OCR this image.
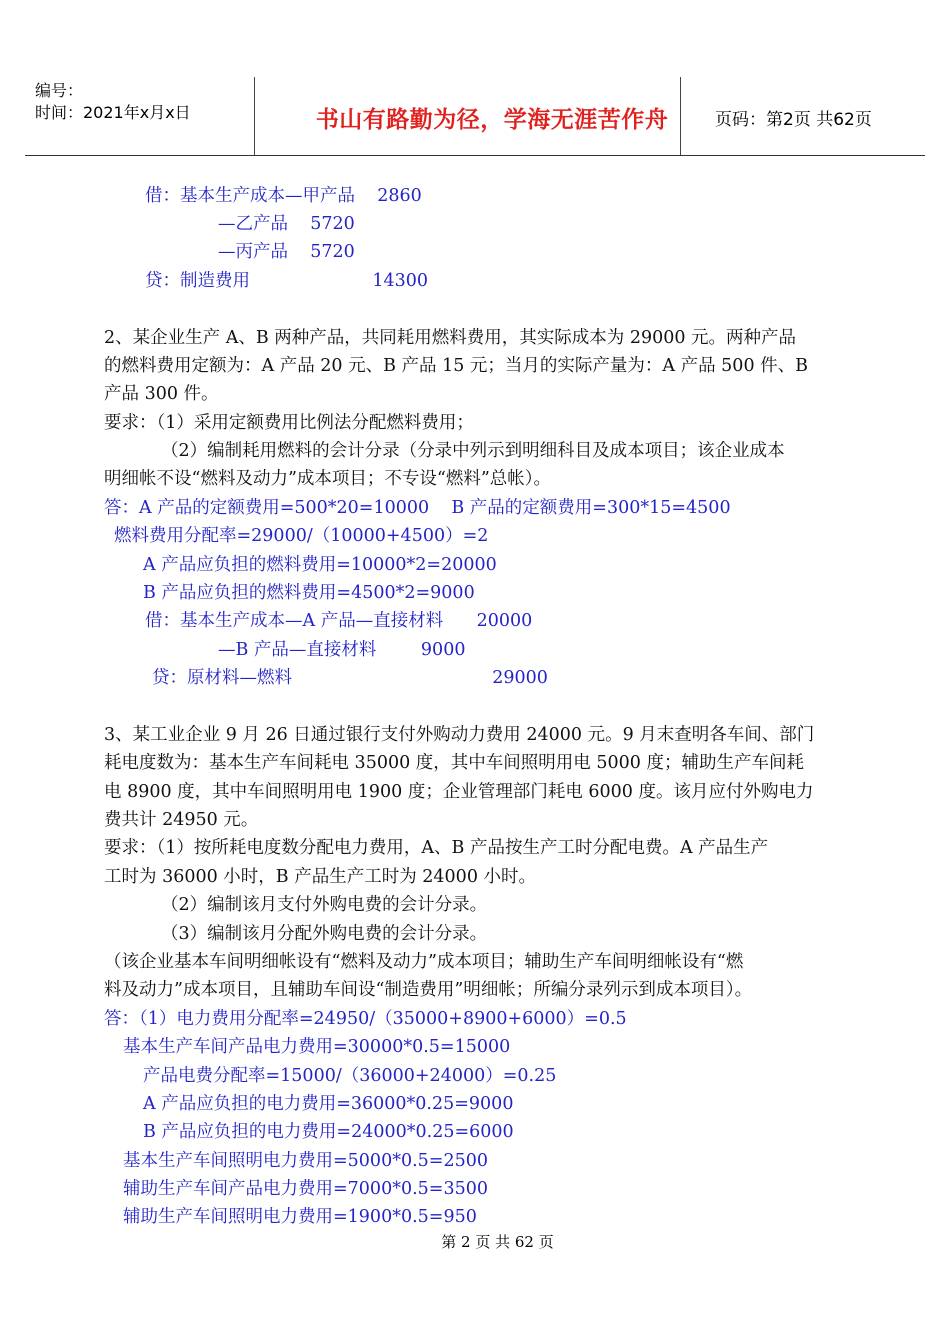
编号：
时间：2021年x月x日	书山有路勤为径，学海无涯苦作舟	页码：第2页 共62页
借：基本生产成本—甲产品    2860
—乙产品    5720
—丙产品    5720
贷：制造费用                      14300
2、某企业生产 A、B 两种产品，共同耗用燃料费用，其实际成本为 29000 元。两种产品
的燃料费用定额为：A 产品 20 元、B 产品 15 元；当月的实际产量为：A 产品 500 件、B
产品 300 件。
要求：（1）采用定额费用比例法分配燃料费用；
（2）编制耗用燃料的会计分录（分录中列示到明细科目及成本项目；该企业成本
明细帐不设“燃料及动力”成本项目；不专设“燃料”总帐）。
答：A 产品的定额费用=500*20=10000    B 产品的定额费用=300*15=4500
燃料费用分配率=29000/（10000+4500）=2
A 产品应负担的燃料费用=10000*2=20000
B 产品应负担的燃料费用=4500*2=9000
借：基本生产成本—A 产品—直接材料      20000
—B 产品—直接材料        9000
贷：原材料—燃料                                    29000
3、某工业企业 9 月 26 日通过银行支付外购动力费用 24000 元。9 月末查明各车间、部门
耗电度数为：基本生产车间耗电 35000 度，其中车间照明用电 5000 度；辅助生产车间耗
电 8900 度，其中车间照明用电 1900 度；企业管理部门耗电 6000 度。该月应付外购电力
费共计 24950 元。
要求：（1）按所耗电度数分配电力费用，A、B 产品按生产工时分配电费。A 产品生产
工时为 36000 小时，B 产品生产工时为 24000 小时。
（2）编制该月支付外购电费的会计分录。
（3）编制该月分配外购电费的会计分录。
（该企业基本车间明细帐设有“燃料及动力”成本项目；辅助生产车间明细帐设有“燃
料及动力”成本项目，且辅助车间设“制造费用”明细帐；所编分录列示到成本项目）。
答：（1）电力费用分配率=24950/（35000+8900+6000）=0.5
基本生产车间产品电力费用=30000*0.5=15000
产品电费分配率=15000/（36000+24000）=0.25
A 产品应负担的电力费用=36000*0.25=9000
B 产品应负担的电力费用=24000*0.25=6000
基本生产车间照明电力费用=5000*0.5=2500
辅助生产车间产品电力费用=7000*0.5=3500
辅助生产车间照明电力费用=1900*0.5=950
第 2 页 共 62 页
